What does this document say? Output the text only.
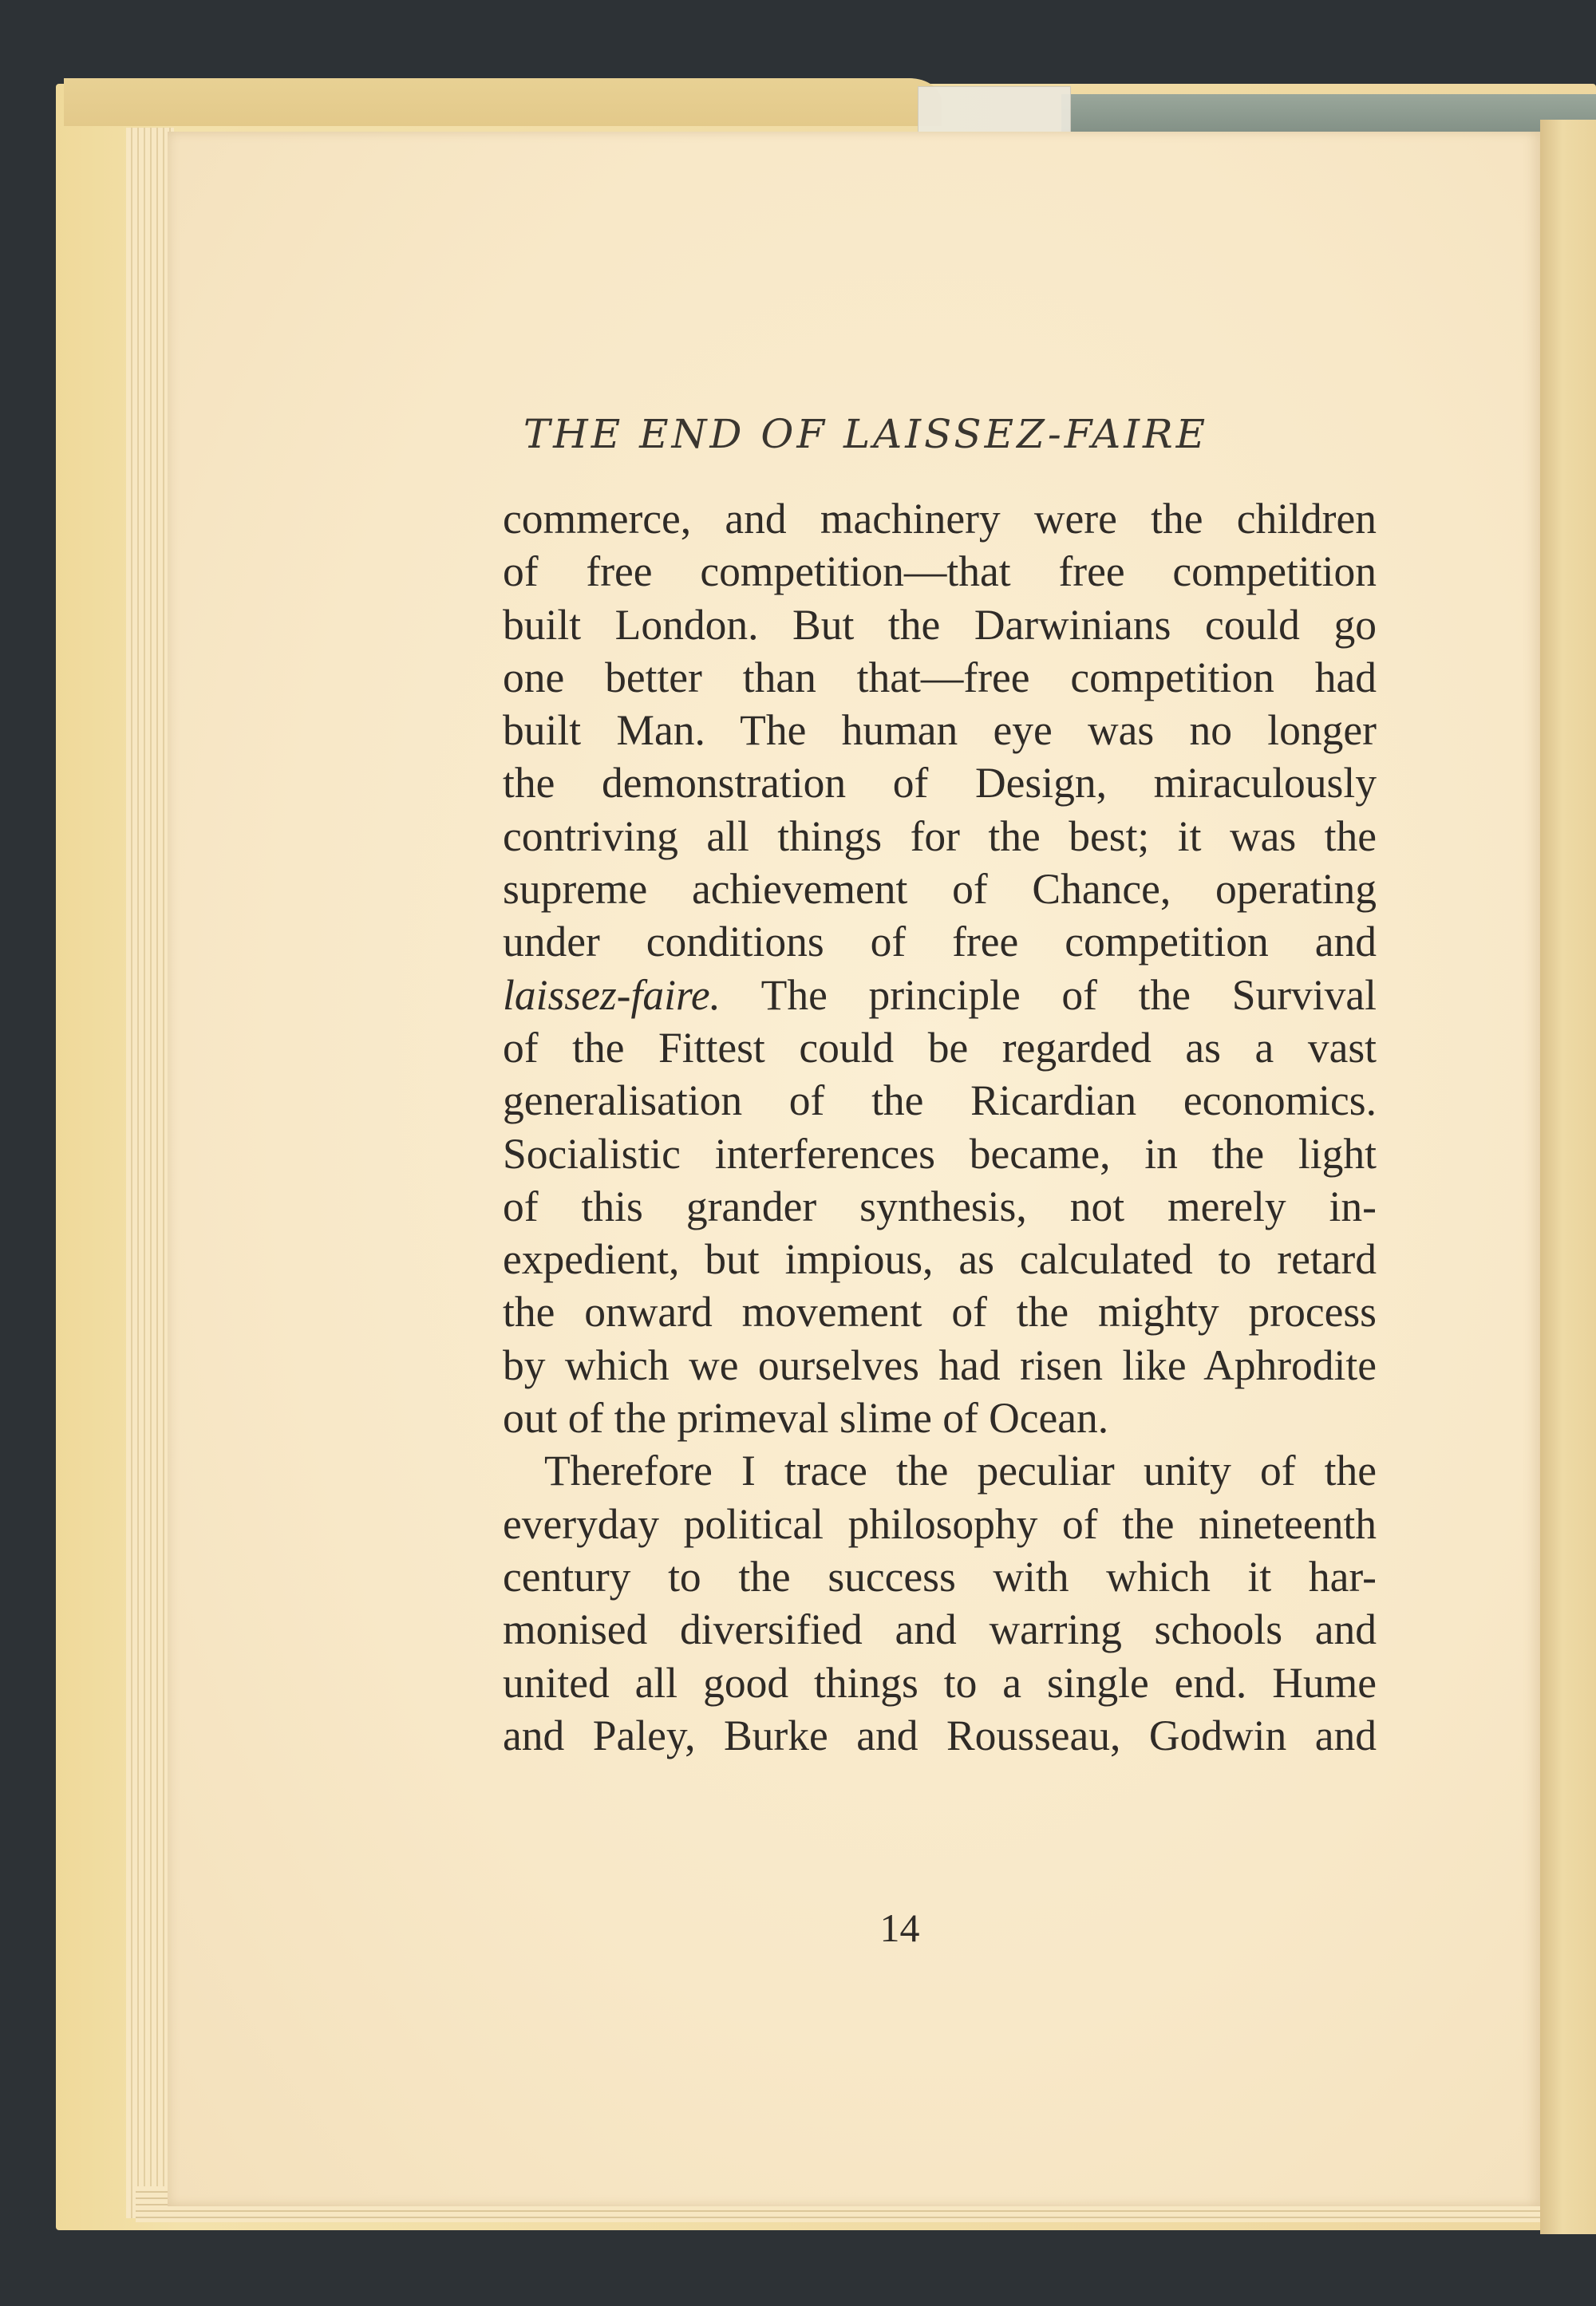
THE END OF LAISSEZ-FAIRE
commerce, and machinery were the children
of free competition—that free competition
built London. But the Darwinians could go
one better than that—free competition had
built Man. The human eye was no longer
the demonstration of Design, miraculously
contriving all things for the best; it was the
supreme achievement of Chance, operating
under conditions of free competition and
laissez-faire. The principle of the Survival
of the Fittest could be regarded as a vast
generalisation of the Ricardian economics.
Socialistic interferences became, in the light
of this grander synthesis, not merely in-
expedient, but impious, as calculated to retard
the onward movement of the mighty process
by which we ourselves had risen like Aphrodite
out of the primeval slime of Ocean.
Therefore I trace the peculiar unity of the
everyday political philosophy of the nineteenth
century to the success with which it har-
monised diversified and warring schools and
united all good things to a single end. Hume
and Paley, Burke and Rousseau, Godwin and
14
